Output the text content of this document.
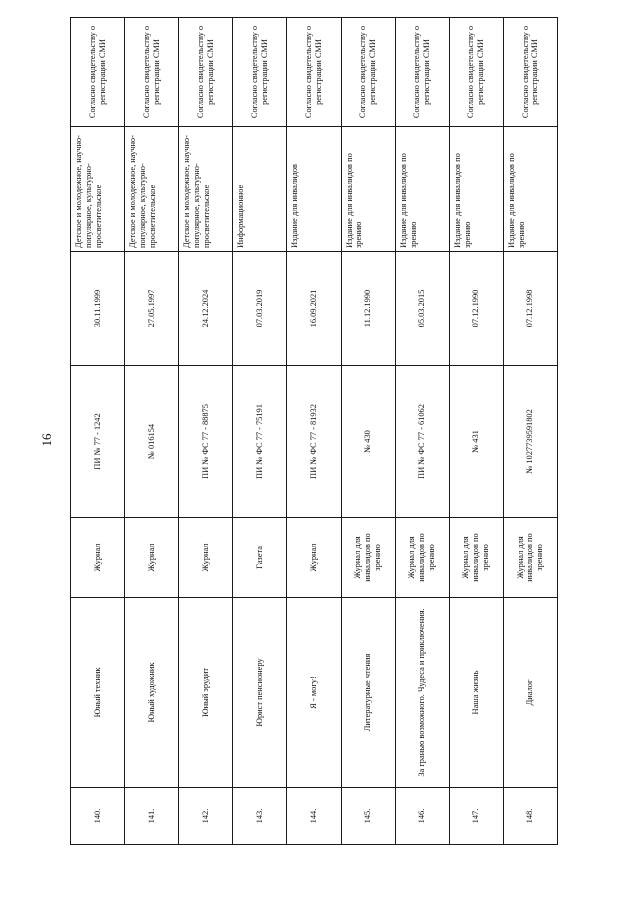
16
140.	Юный техник	Журнал	ПИ № 77 - 1242	30.11.1999	Детское и молодежное, научно-популярное, культурно-просветительское	Согласно свидетельству о регистрации СМИ
141.	Юный художник	Журнал	№ 016154	27.05.1997	Детское и молодежное, научно-популярное, культурно-просветительское	Согласно свидетельству о регистрации СМИ
142.	Юный эрудит	Журнал	ПИ № ФС 77 - 88875	24.12.2024	Детское и молодежное, научно-популярное, культурно-просветительское	Согласно свидетельству о регистрации СМИ
143.	Юрист пенсионеру	Газета	ПИ № ФС 77 - 75191	07.03.2019	Информационное	Согласно свидетельству о регистрации СМИ
144.	Я - могу!	Журнал	ПИ № ФС 77 - 81932	16.09.2021	Издание для инвалидов	Согласно свидетельству о регистрации СМИ
145.	Литературные чтения	Журнал для инвалидов по зрению	№ 430	11.12.1990	Издание для инвалидов по зрению	Согласно свидетельству о регистрации СМИ
146.	За гранью возможного. Чудеса и приключения.	Журнал для инвалидов по зрению	ПИ № ФС 77 - 61062	05.03.2015	Издание для инвалидов по зрению	Согласно свидетельству о регистрации СМИ
147.	Наша жизнь	Журнал для инвалидов по зрению	№ 431	07.12.1990	Издание для инвалидов по зрению	Согласно свидетельству о регистрации СМИ
148.	Диалог	Журнал для инвалидов по зрению	№ 1027739591802	07.12.1998	Издание для инвалидов по зрению	Согласно свидетельству о регистрации СМИ
